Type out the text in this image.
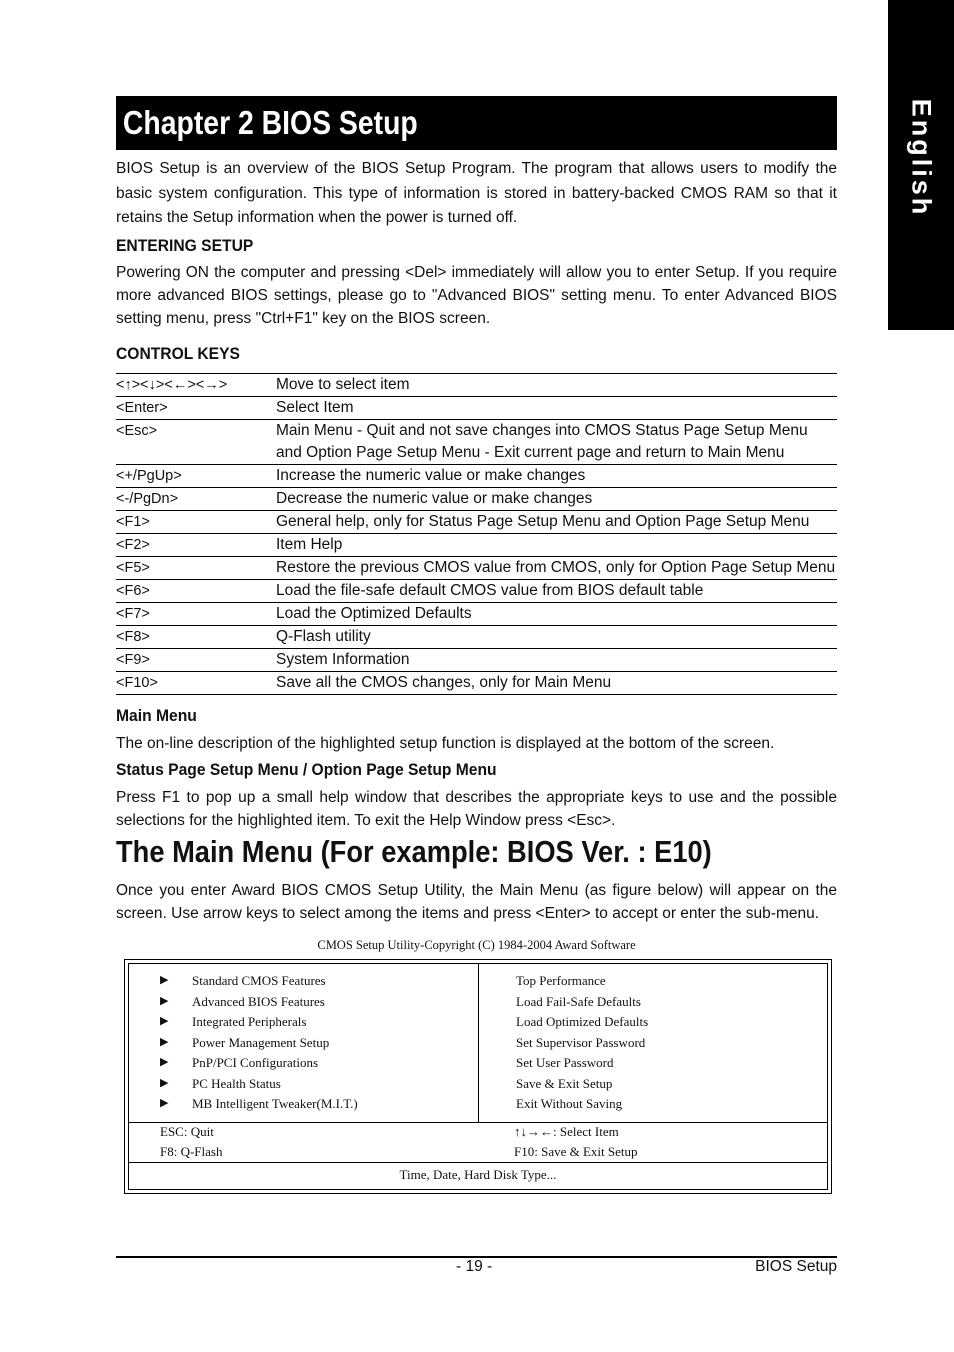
English
Chapter 2 BIOS Setup

BIOS Setup is an overview of the BIOS Setup Program. The program that allows users to modify the basic system configuration. This type of information is stored in battery-backed CMOS RAM so that it retains the Setup information when the power is turned off.

ENTERING SETUP

Powering ON the computer and pressing <Del> immediately will allow you to enter Setup. If you require more advanced BIOS settings, please go to "Advanced BIOS" setting menu. To enter Advanced BIOS setting menu, press "Ctrl+F1" key on the BIOS screen.

CONTROL KEYS
<↑><↓><←><→>	Move to select item
<Enter>	Select Item
<Esc>	Main Menu - Quit and not save changes into CMOS Status Page Setup Menu and Option Page Setup Menu - Exit current page and return to Main Menu
<+/PgUp>	Increase the numeric value or make changes
<-/PgDn>	Decrease the numeric value or make changes
<F1>	General help, only for Status Page Setup Menu and Option Page Setup Menu
<F2>	Item Help
<F5>	Restore the previous CMOS value from CMOS, only for Option Page Setup Menu
<F6>	Load the file-safe default CMOS value from BIOS default table
<F7>	Load the Optimized Defaults
<F8>	Q-Flash utility
<F9>	System Information
<F10>	Save all the CMOS changes, only for Main Menu
Main Menu

The on-line description of the highlighted setup function is displayed at the bottom of the screen.

Status Page Setup Menu / Option Page Setup Menu

Press F1 to pop up a small help window that describes the appropriate keys to use and the possible selections for the highlighted item. To exit the Help Window press <Esc>.

The Main Menu (For example: BIOS Ver. : E10)

Once you enter Award BIOS CMOS Setup Utility, the Main Menu (as figure below) will appear on the screen. Use arrow keys to select among the items and press <Enter> to accept or enter the sub-menu.

CMOS Setup Utility-Copyright (C) 1984-2004 Award Software
▶ Standard CMOS Features
▶ Advanced BIOS Features
▶ Integrated Peripherals
▶ Power Management Setup
▶ PnP/PCI Configurations
▶ PC Health Status
▶ MB Intelligent Tweaker(M.I.T.)
Top Performance
Load Fail-Safe Defaults
Load Optimized Defaults
Set Supervisor Password
Set User Password
Save & Exit Setup
Exit Without Saving
ESC: Quit	↑↓→←: Select Item
F8: Q-Flash	F10: Save & Exit Setup
Time, Date, Hard Disk Type...
- 19 -	BIOS Setup
